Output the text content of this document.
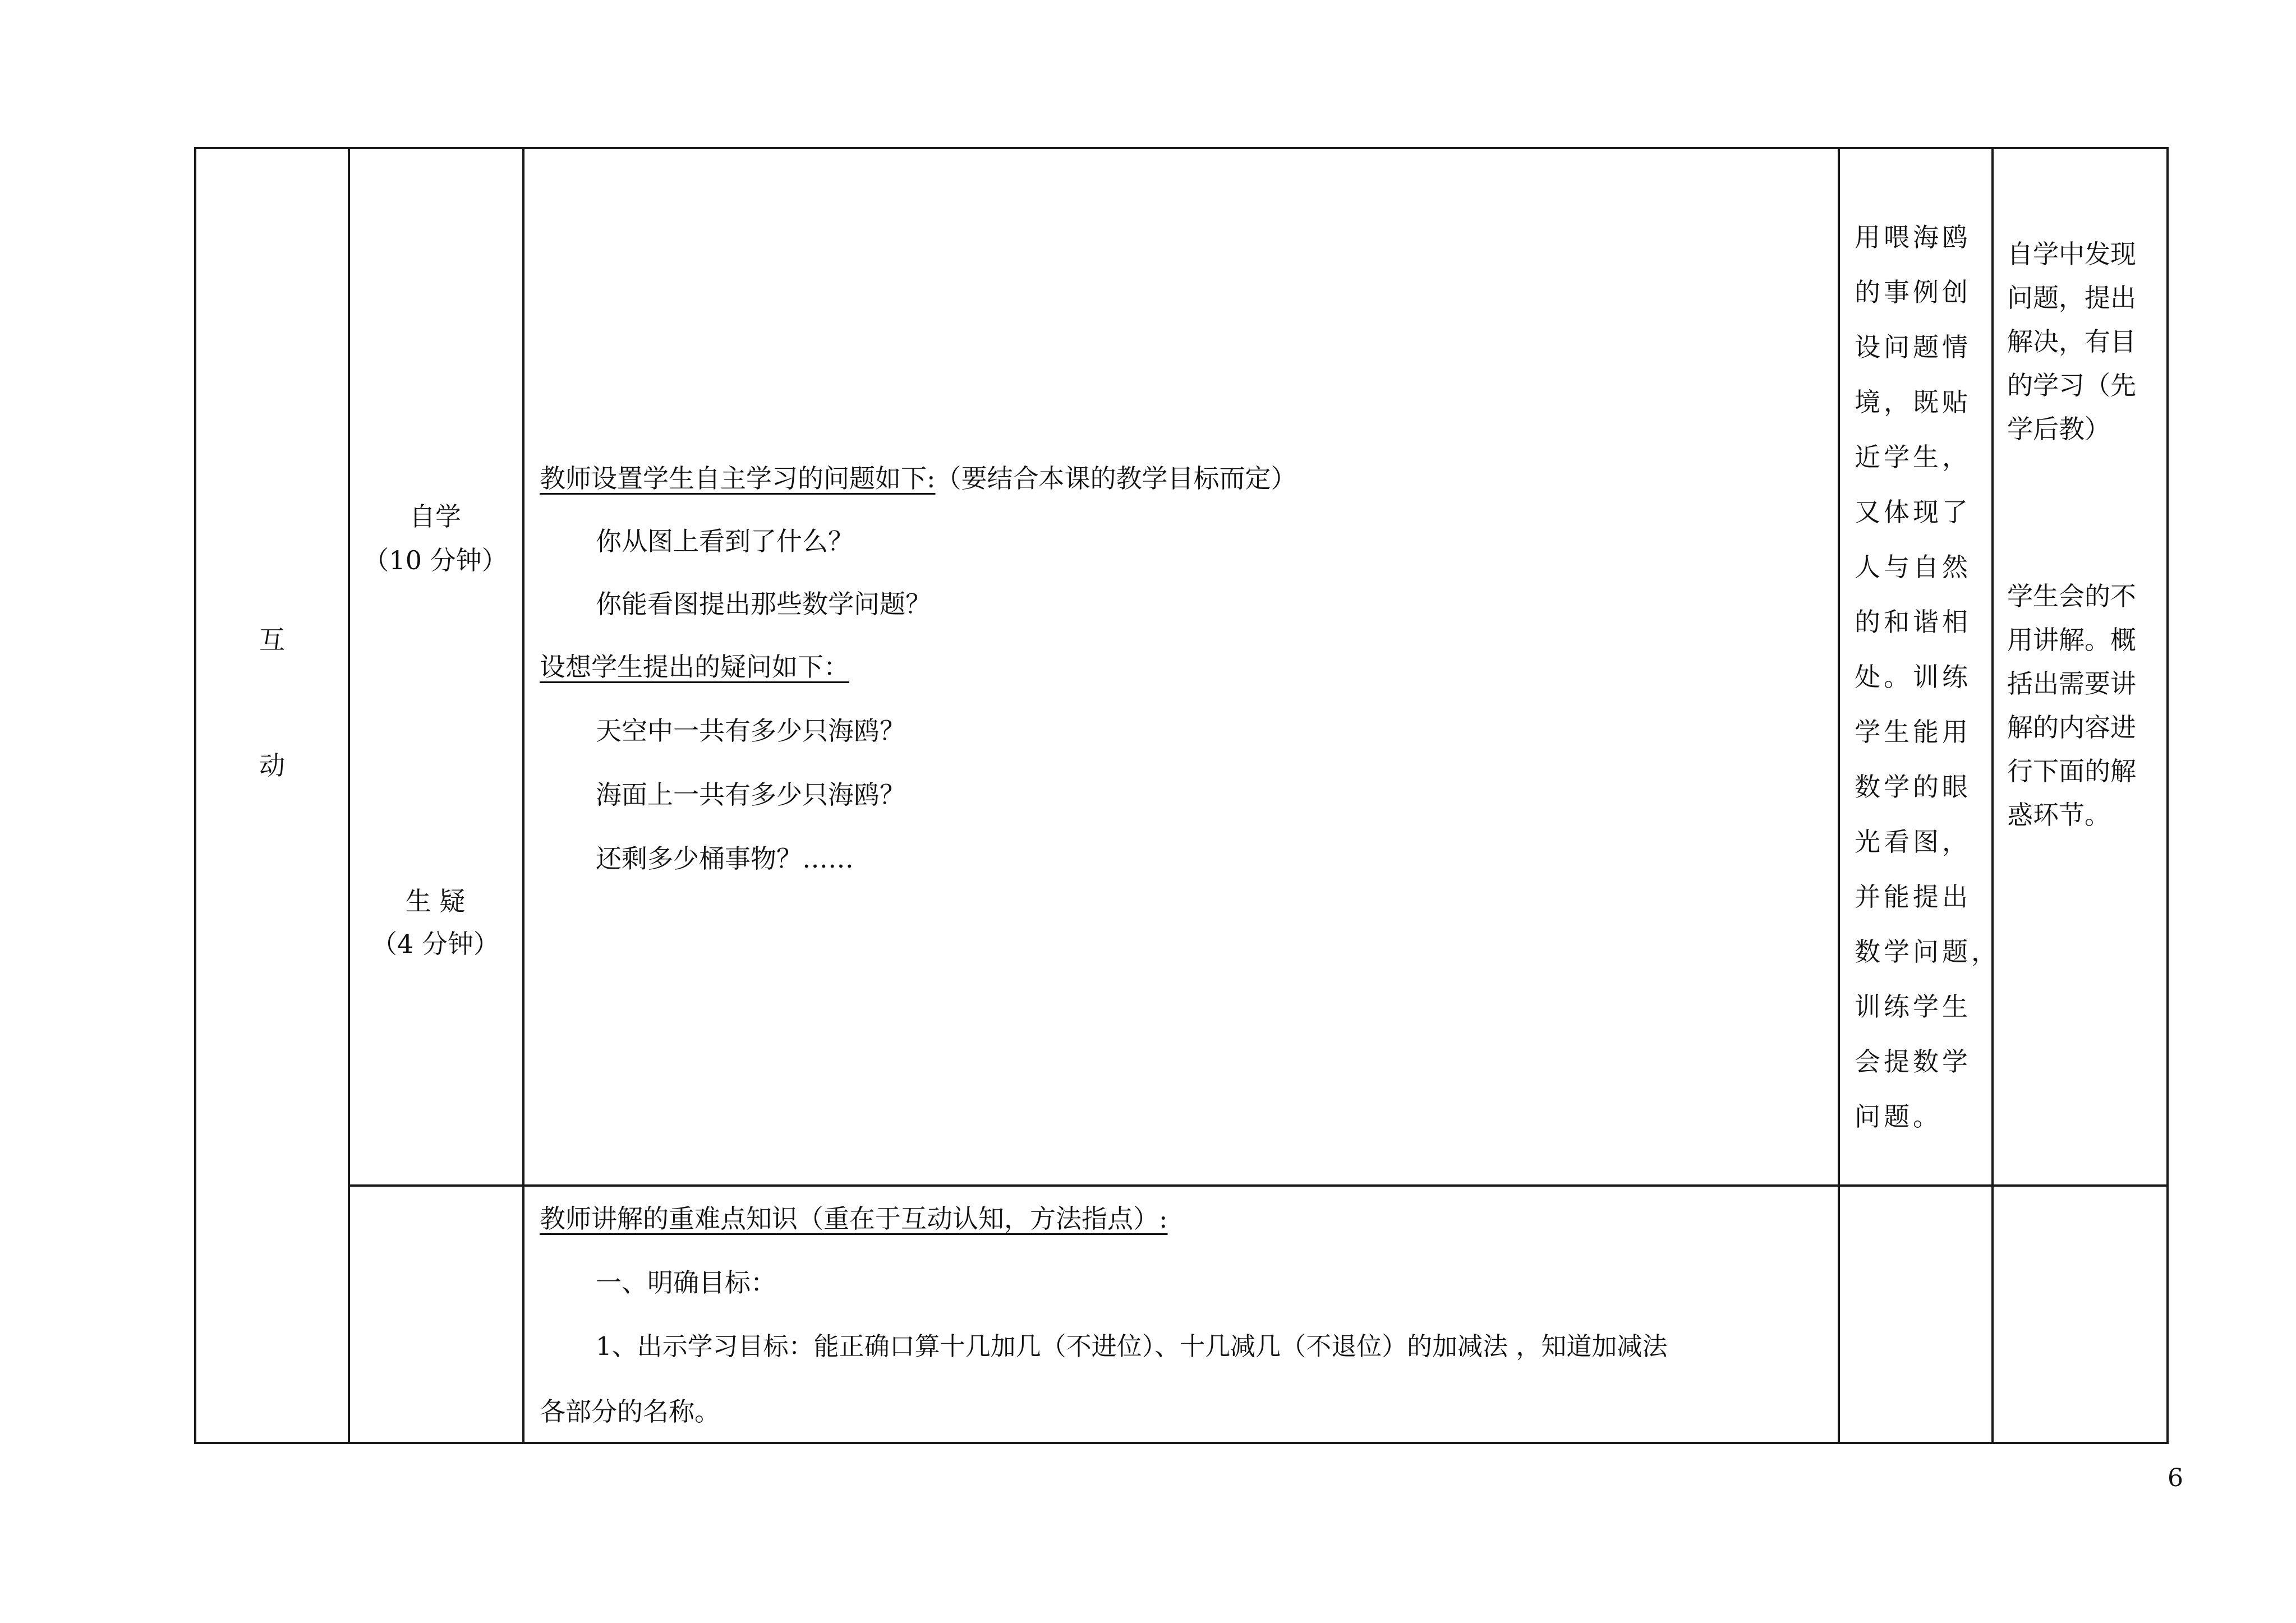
互
动
自学
（10 分钟）
生 疑
（4 分钟）
教师设置学生自主学习的问题如下:（要结合本课的教学目标而定）
你从图上看到了什么？
你能看图提出那些数学问题？
设想学生提出的疑问如下：
天空中一共有多少只海鸥？
海面上一共有多少只海鸥？
还剩多少桶事物？……
用喂海鸥
的事例创
设问题情
境，既贴
近学生，
又体现了
人与自然
的和谐相
处。训练
学生能用
数学的眼
光看图，
并能提出
数学问题，
训练学生
会提数学
问题。
自学中发现
问题，提出
解决，有目
的学习（先
学后教）
学生会的不
用讲解。概
括出需要讲
解的内容进
行下面的解
惑环节。
教师讲解的重难点知识（重在于互动认知，方法指点）:
一、明确目标：
1、出示学习目标：能正确口算十几加几（不进位）、十几减几（不退位）的加减法 ，知道加减法
各部分的名称。
6
